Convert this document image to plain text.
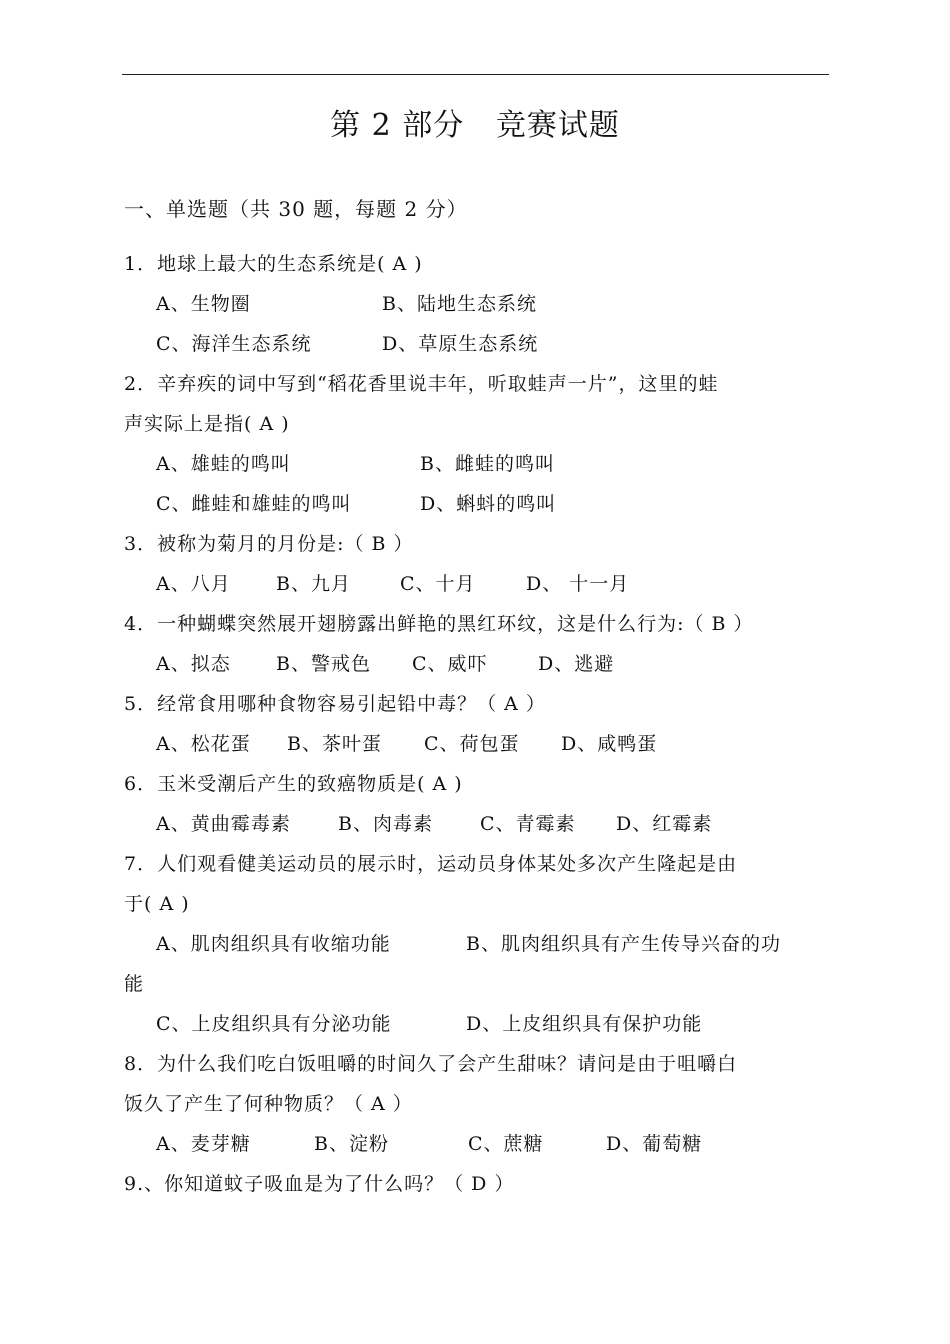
第 2 部分   竞赛试题
一、单选题（共 30 题，每题 2 分）
1．地球上最大的生态系统是( A )
A、生物圈	B、陆地生态系统
C、海洋生态系统	D、草原生态系统
2．辛弃疾的词中写到“稻花香里说丰年，听取蛙声一片”，这里的蛙
声实际上是指( A )
A、雄蛙的鸣叫	B、雌蛙的鸣叫
C、雌蛙和雄蛙的鸣叫	D、蝌蚪的鸣叫
3．被称为菊月的月份是:（ B ）
A、八月 B、九月	C、十月	D、 十一月
4．一种蝴蝶突然展开翅膀露出鲜艳的黑红环纹，这是什么行为:（ B ）
A、拟态 B、警戒色 C、威吓	D、逃避
5．经常食用哪种食物容易引起铅中毒？（ A ）
A、松花蛋 B、茶叶蛋 C、荷包蛋 D、咸鸭蛋
6．玉米受潮后产生的致癌物质是( A )
A、黄曲霉毒素 B、肉毒素 C、青霉素 D、红霉素
7．人们观看健美运动员的展示时，运动员身体某处多次产生隆起是由
于( A )
A、肌肉组织具有收缩功能	B、肌肉组织具有产生传导兴奋的功
能
C、上皮组织具有分泌功能	D、上皮组织具有保护功能
8．为什么我们吃白饭咀嚼的时间久了会产生甜味？请问是由于咀嚼白
饭久了产生了何种物质？（ A ）
A、麦芽糖	B、淀粉	C、蔗糖	D、葡萄糖
9.、你知道蚊子吸血是为了什么吗？（ D ）
